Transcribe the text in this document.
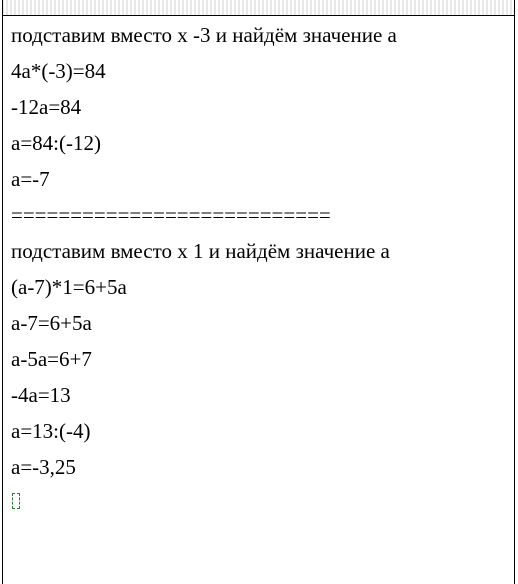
подставим вместо х -3 и найдём значение а
4а*(-3)=84
-12а=84
а=84:(-12)
а=-7
===========================
подставим вместо х 1 и найдём значение а
(а-7)*1=6+5а
а-7=6+5а
а-5а=6+7
-4а=13
а=13:(-4)
а=-3,25
